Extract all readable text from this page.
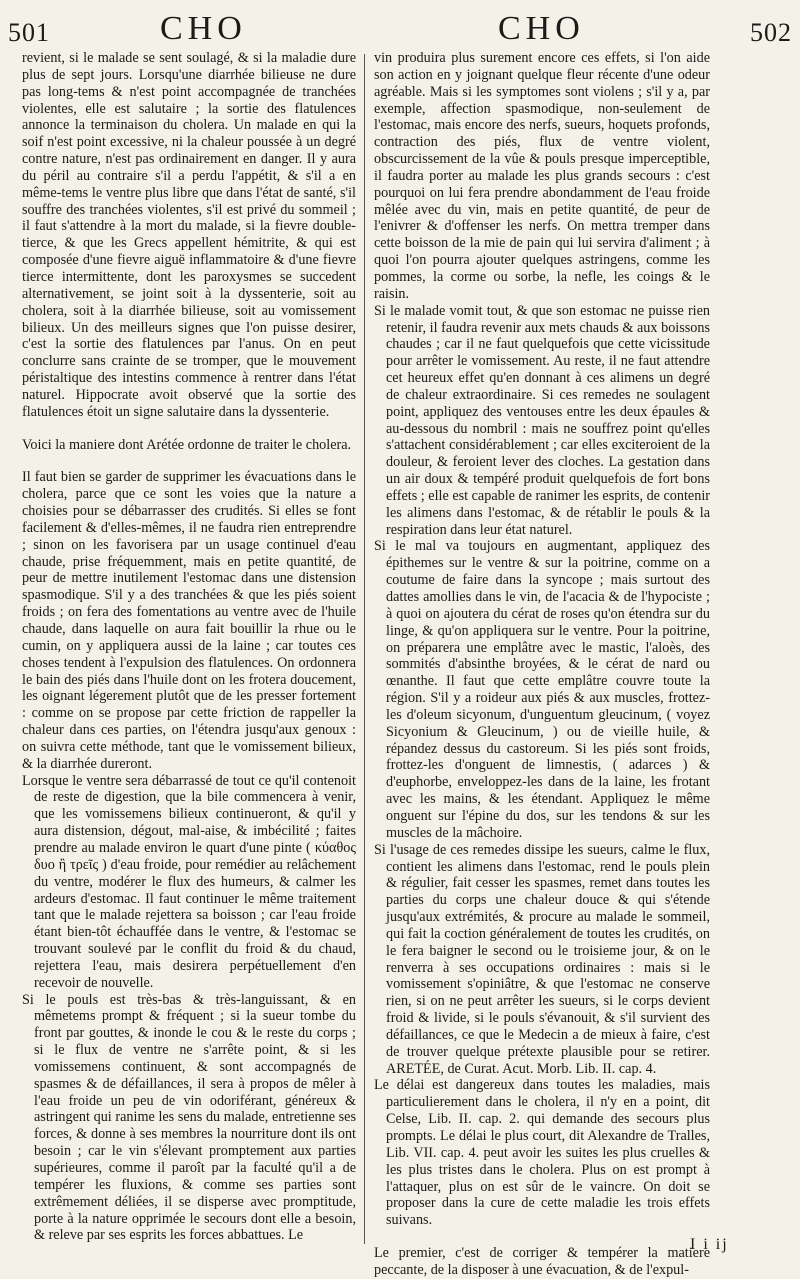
501	CHO	CHO	502

revient, si le malade se sent soulagé, & si la maladie dure plus de sept jours. Lorsqu'une diarrhée bilieuse ne dure pas long-tems & n'est point accompagnée de tranchées violentes, elle est salutaire ; la sortie des flatulences annonce la terminaison du cholera. Un malade en qui la soif n'est point excessive, ni la chaleur poussée à un degré contre nature, n'est pas ordinairement en danger. Il y aura du péril au contraire s'il a perdu l'appétit, & s'il a en même-tems le ventre plus libre que dans l'état de santé, s'il souffre des tranchées violentes, s'il est privé du sommeil ; il faut s'attendre à la mort du malade, si la fievre double-tierce, & que les Grecs appellent hémitrite, & qui est composée d'une fievre aiguë inflammatoire & d'une fievre tierce intermittente, dont les paroxysmes se succedent alternativement, se joint soit à la dyssenterie, soit au cholera, soit à la diarrhée bilieuse, soit au vomissement bilieux. Un des meilleurs signes que l'on puisse desirer, c'est la sortie des flatulences par l'anus. On en peut conclurre sans crainte de se tromper, que le mouvement péristaltique des intestins commence à rentrer dans l'état naturel. Hippocrate avoit observé que la sortie des flatulences étoit un signe salutaire dans la dyssenterie.

Voici la maniere dont Arétée ordonne de traiter le cholera.

Il faut bien se garder de supprimer les évacuations dans le cholera, parce que ce sont les voies que la nature a choisies pour se débarrasser des crudités. Si elles se font facilement & d'elles-mêmes, il ne faudra rien entreprendre ; sinon on les favorisera par un usage continuel d'eau chaude, prise fréquemment, mais en petite quantité, de peur de mettre inutilement l'estomac dans une distension spasmodique. S'il y a des tranchées & que les piés soient froids ; on fera des fomentations au ventre avec de l'huile chaude, dans laquelle on aura fait bouillir la rhue ou le cumin, on y appliquera aussi de la laine ; car toutes ces choses tendent à l'expulsion des flatulences. On ordonnera le bain des piés dans l'huile dont on les frotera doucement, les oignant légerement plutôt que de les presser fortement : comme on se propose par cette friction de rappeller la chaleur dans ces parties, on l'étendra jusqu'aux genoux : on suivra cette méthode, tant que le vomissement bilieux, & la diarrhée dureront.

Lorsque le ventre sera débarrassé de tout ce qu'il contenoit de reste de digestion, que la bile commencera à venir, que les vomissemens bilieux continueront, & qu'il y aura distension, dégout, mal-aise, & imbécilité ; faites prendre au malade environ le quart d'une pinte ( κύαθος δυο ἢ τρεῖς ) d'eau froide, pour remédier au relâchement du ventre, modérer le flux des humeurs, & calmer les ardeurs d'estomac. Il faut continuer le même traitement tant que le malade rejettera sa boisson ; car l'eau froide étant bien-tôt échauffée dans le ventre, & l'estomac se trouvant soulevé par le conflit du froid & du chaud, rejettera l'eau, mais desirera perpétuellement d'en recevoir de nouvelle.

Si le pouls est très-bas & très-languissant, & en mêmetems prompt & fréquent ; si la sueur tombe du front par gouttes, & inonde le cou & le reste du corps ; si le flux de ventre ne s'arrête point, & si les vomissemens continuent, & sont accompagnés de spasmes & de défaillances, il sera à propos de mêler à l'eau froide un peu de vin odoriférant, généreux & astringent qui ranime les sens du malade, entretienne ses forces, & donne à ses membres la nourriture dont ils ont besoin ; car le vin s'élevant promptement aux parties supérieures, comme il paroît par la faculté qu'il a de tempérer les fluxions, & comme ses parties sont extrêmement déliées, il se disperse avec promptitude, porte à la nature opprimée le secours dont elle a besoin, & releve par ses esprits les forces abbattues. Le

vin produira plus surement encore ces effets, si l'on aide son action en y joignant quelque fleur récente d'une odeur agréable. Mais si les symptomes sont violens ; s'il y a, par exemple, affection spasmodique, non-seulement de l'estomac, mais encore des nerfs, sueurs, hoquets profonds, contraction des piés, flux de ventre violent, obscurcissement de la vûe & pouls presque imperceptible, il faudra porter au malade les plus grands secours : c'est pourquoi on lui fera prendre abondamment de l'eau froide mêlée avec du vin, mais en petite quantité, de peur de l'enivrer & d'offenser les nerfs. On mettra tremper dans cette boisson de la mie de pain qui lui servira d'aliment ; à quoi l'on pourra ajouter quelques astringens, comme les pommes, la corme ou sorbe, la nefle, les coings & le raisin.

Si le malade vomit tout, & que son estomac ne puisse rien retenir, il faudra revenir aux mets chauds & aux boissons chaudes ; car il ne faut quelquefois que cette vicissitude pour arrêter le vomissement. Au reste, il ne faut attendre cet heureux effet qu'en donnant à ces alimens un degré de chaleur extraordinaire. Si ces remedes ne soulagent point, appliquez des ventouses entre les deux épaules & au-dessous du nombril : mais ne souffrez point qu'elles s'attachent considérablement ; car elles exciteroient de la douleur, & feroient lever des cloches. La gestation dans un air doux & tempéré produit quelquefois de fort bons effets ; elle est capable de ranimer les esprits, de contenir les alimens dans l'estomac, & de rétablir le pouls & la respiration dans leur état naturel.

Si le mal va toujours en augmentant, appliquez des épithemes sur le ventre & sur la poitrine, comme on a coutume de faire dans la syncope ; mais surtout des dattes amollies dans le vin, de l'acacia & de l'hypociste ; à quoi on ajoutera du cérat de roses qu'on étendra sur du linge, & qu'on appliquera sur le ventre. Pour la poitrine, on préparera une emplâtre avec le mastic, l'aloès, des sommités d'absinthe broyées, & le cérat de nard ou œnanthe. Il faut que cette emplâtre couvre toute la région. S'il y a roideur aux piés & aux muscles, frottez-les d'oleum sicyonum, d'unguentum gleucinum, ( voyez Sicyonium & Gleucinum, ) ou de vieille huile, & répandez dessus du castoreum. Si les piés sont froids, frottez-les d'onguent de limnestis, ( adarces ) & d'euphorbe, enveloppez-les dans de la laine, les frotant avec les mains, & les étendant. Appliquez le même onguent sur l'épine du dos, sur les tendons & sur les muscles de la mâchoire.

Si l'usage de ces remedes dissipe les sueurs, calme le flux, contient les alimens dans l'estomac, rend le pouls plein & régulier, fait cesser les spasmes, remet dans toutes les parties du corps une chaleur douce & qui s'étende jusqu'aux extrémités, & procure au malade le sommeil, qui fait la coction généralement de toutes les crudités, on le fera baigner le second ou le troisieme jour, & on le renverra à ses occupations ordinaires : mais si le vomissement s'opiniâtre, & que l'estomac ne conserve rien, si on ne peut arrêter les sueurs, si le corps devient froid & livide, si le pouls s'évanouit, & s'il survient des défaillances, ce que le Medecin a de mieux à faire, c'est de trouver quelque prétexte plausible pour se retirer. ARETÉE, de Curat. Acut. Morb. Lib. II. cap. 4.

Le délai est dangereux dans toutes les maladies, mais particulierement dans le cholera, il n'y en a point, dit Celse, Lib. II. cap. 2. qui demande des secours plus prompts. Le délai le plus court, dit Alexandre de Tralles, Lib. VII. cap. 4. peut avoir les suites les plus cruelles & les plus tristes dans le cholera. Plus on est prompt à l'attaquer, plus on est sûr de le vaincre. On doit se proposer dans la cure de cette maladie les trois effets suivans.

Le premier, c'est de corriger & tempérer la matiere peccante, de la disposer à une évacuation, & de l'expul-

I i ij
